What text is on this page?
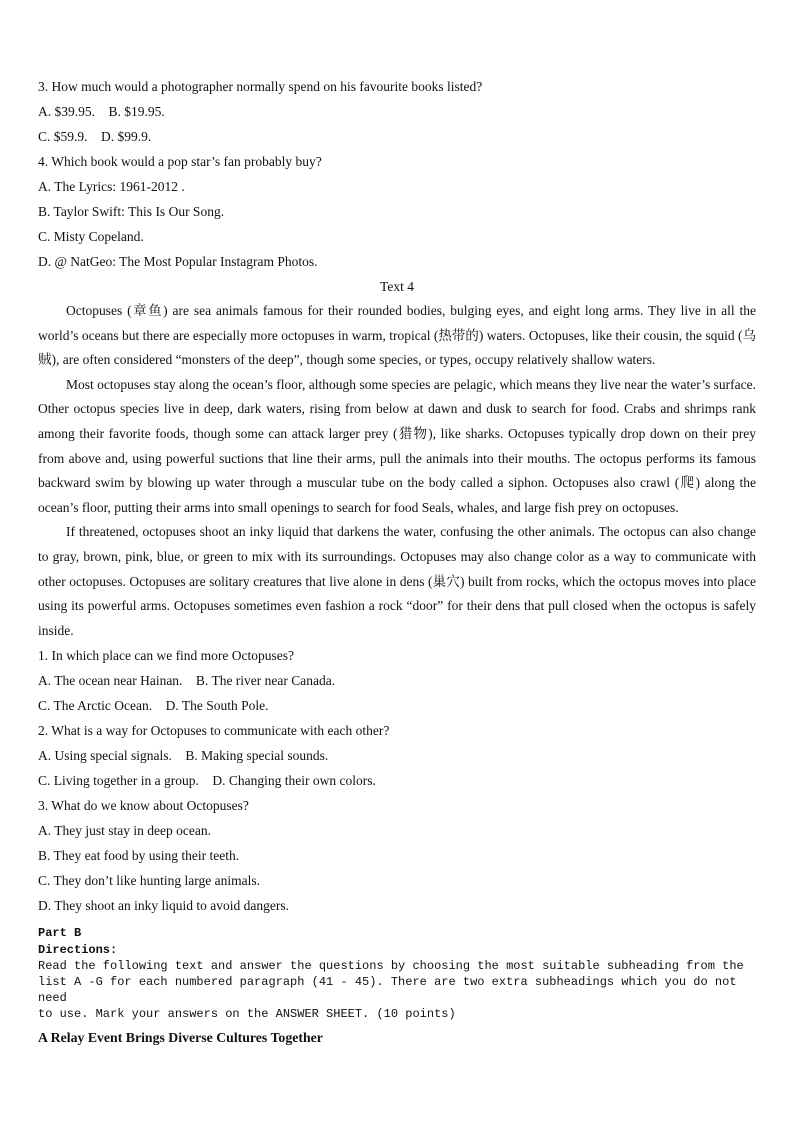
3. How much would a photographer normally spend on his favourite books listed?

A. $39.95.    B. $19.95.

C. $59.9.    D. $99.9.

4. Which book would a pop star’s fan probably buy?

A. The Lyrics: 1961-2012 .

B. Taylor Swift: This Is Our Song.

C. Misty Copeland.

D. @ NatGeo: The Most Popular Instagram Photos.

Text 4

Octopuses (章鱼) are sea animals famous for their rounded bodies, bulging eyes, and eight long arms. They live in all the world’s oceans but there are especially more octopuses in warm, tropical (热带的) waters. Octopuses, like their cousin, the squid (乌贼), are often considered “monsters of the deep”, though some species, or types, occupy relatively shallow waters.

Most octopuses stay along the ocean’s floor, although some species are pelagic, which means they live near the water’s surface. Other octopus species live in deep, dark waters, rising from below at dawn and dusk to search for food. Crabs and shrimps rank among their favorite foods, though some can attack larger prey (猎物), like sharks. Octopuses typically drop down on their prey from above and, using powerful suctions that line their arms, pull the animals into their mouths. The octopus performs its famous backward swim by blowing up water through a muscular tube on the body called a siphon. Octopuses also crawl (爬) along the ocean’s floor, putting their arms into small openings to search for food Seals, whales, and large fish prey on octopuses.

If threatened, octopuses shoot an inky liquid that darkens the water, confusing the other animals. The octopus can also change to gray, brown, pink, blue, or green to mix with its surroundings. Octopuses may also change color as a way to communicate with other octopuses. Octopuses are solitary creatures that live alone in dens (巢穴) built from rocks, which the octopus moves into place using its powerful arms. Octopuses sometimes even fashion a rock “door” for their dens that pull closed when the octopus is safely inside.

1. In which place can we find more Octopuses?

A. The ocean near Hainan.    B. The river near Canada.

C. The Arctic Ocean.    D. The South Pole.

2. What is a way for Octopuses to communicate with each other?

A. Using special signals.    B. Making special sounds.

C. Living together in a group.    D. Changing their own colors.

3. What do we know about Octopuses?

A. They just stay in deep ocean.

B. They eat food by using their teeth.

C. They don’t like hunting large animals.

D. They shoot an inky liquid to avoid dangers.

Part B

Directions:

Read the following text and answer the questions by choosing the most suitable subheading from the

list A -G for each numbered paragraph (41 - 45). There are two extra subheadings which you do not need

to use. Mark your answers on the ANSWER SHEET. (10 points)

A Relay Event Brings Diverse Cultures Together
